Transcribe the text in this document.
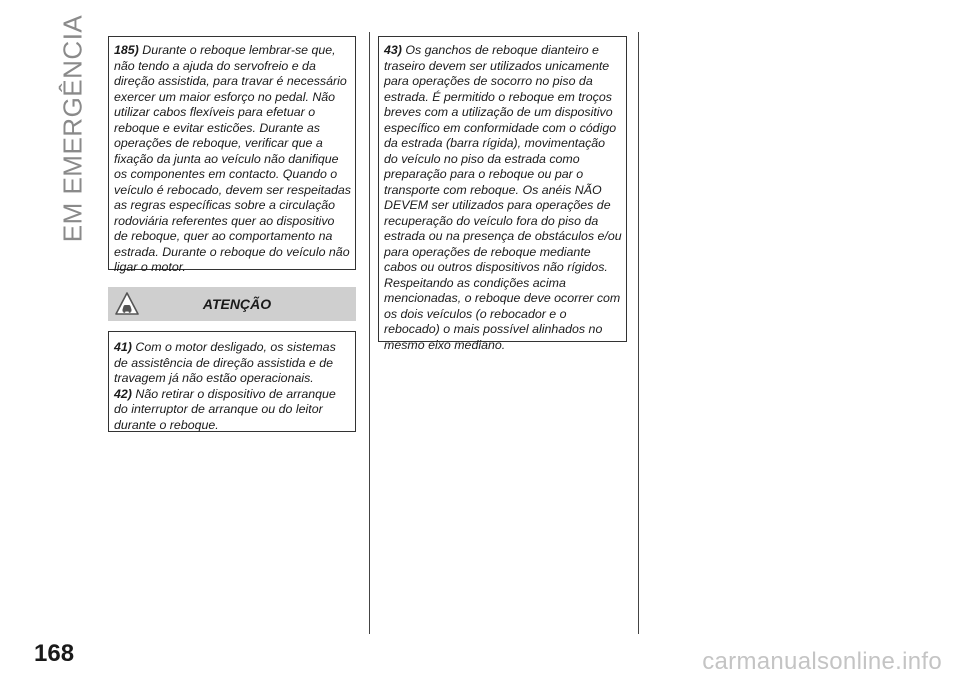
EM EMERGÊNCIA
168

185) Durante o reboque lembrar-se que, não tendo a ajuda do servofreio e da direção assistida, para travar é necessário exercer um maior esforço no pedal. Não utilizar cabos flexíveis para efetuar o reboque e evitar esticões. Durante as operações de reboque, verificar que a fixação da junta ao veículo não danifique os componentes em contacto. Quando o veículo é rebocado, devem ser respeitadas as regras específicas sobre a circulação rodoviária referentes quer ao dispositivo de reboque, quer ao comportamento na estrada. Durante o reboque do veículo não ligar o motor.

ATENÇÃO

41) Com o motor desligado, os sistemas de assistência de direção assistida e de travagem já não estão operacionais.

42) Não retirar o dispositivo de arranque do interruptor de arranque ou do leitor durante o reboque.

43) Os ganchos de reboque dianteiro e traseiro devem ser utilizados unicamente para operações de socorro no piso da estrada. É permitido o reboque em troços breves com a utilização de um dispositivo específico em conformidade com o código da estrada (barra rígida), movimentação do veículo no piso da estrada como preparação para o reboque ou par o transporte com reboque. Os anéis NÃO DEVEM ser utilizados para operações de recuperação do veículo fora do piso da estrada ou na presença de obstáculos e/ou para operações de reboque mediante cabos ou outros dispositivos não rígidos. Respeitando as condições acima mencionadas, o reboque deve ocorrer com os dois veículos (o rebocador e o rebocado) o mais possível alinhados no mesmo eixo mediano.

carmanualsonline.info
